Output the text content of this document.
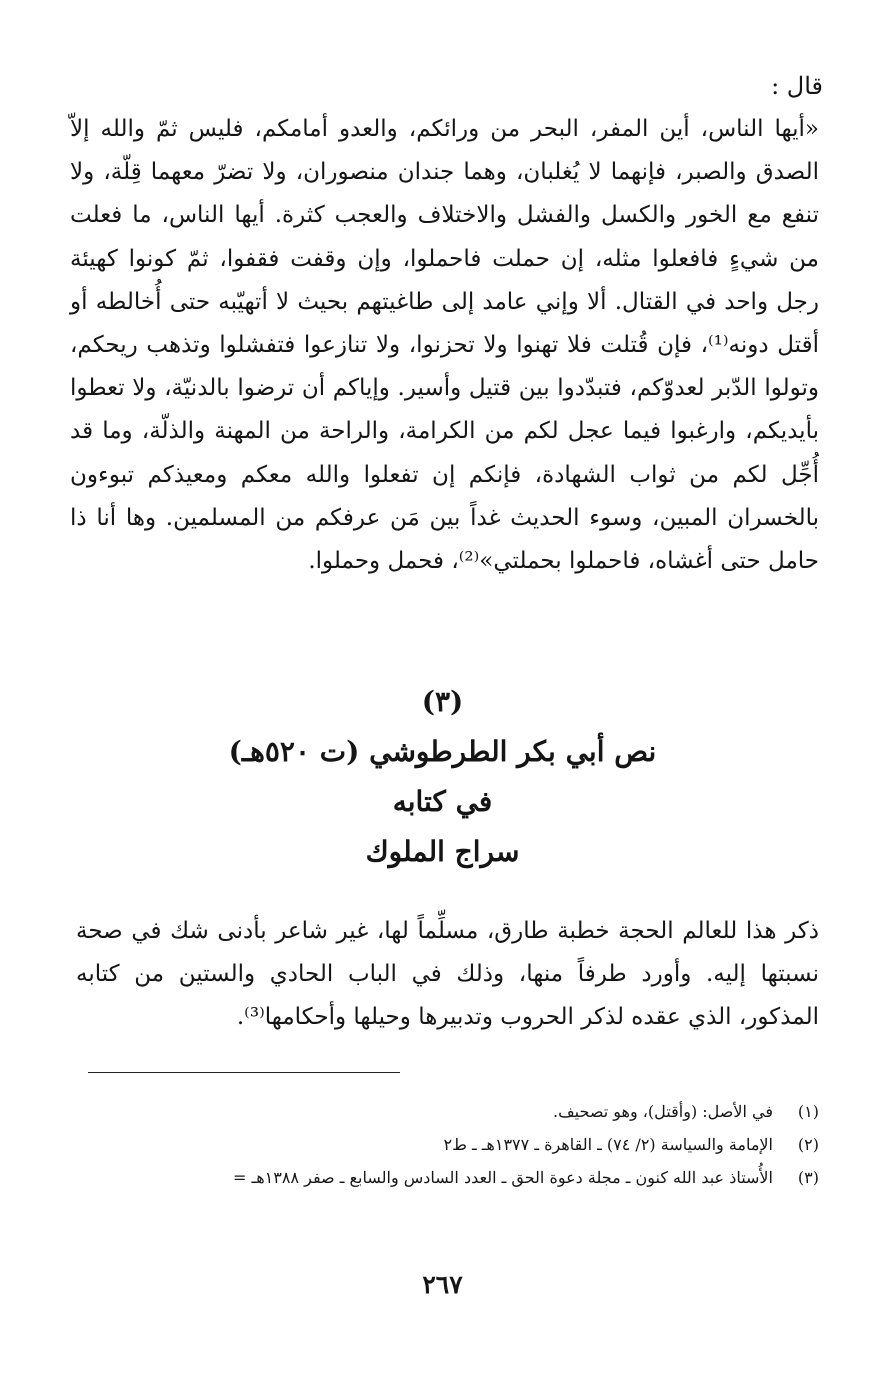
قال :

«أيها الناس، أين المفر، البحر من ورائكم، والعدو أمامكم، فليس ثمّ والله إلاّ الصدق والصبر، فإنهما لا يُغلبان، وهما جندان منصوران، ولا تضرّ معهما قِلّة، ولا تنفع مع الخور والكسل والفشل والاختلاف والعجب كثرة. أيها الناس، ما فعلت من شيءٍ فافعلوا مثله، إن حملت فاحملوا، وإن وقفت فقفوا، ثمّ كونوا كهيئة رجل واحد في القتال. ألا وإني عامد إلى طاغيتهم بحيث لا أتهيّبه حتى أُخالطه أو أقتل دونه⁽¹⁾، فإن قُتلت فلا تهنوا ولا تحزنوا، ولا تنازعوا فتفشلوا وتذهب ريحكم، وتولوا الدّبر لعدوّكم، فتبدّدوا بين قتيل وأسير. وإياكم أن ترضوا بالدنيّة، ولا تعطوا بأيديكم، وارغبوا فيما عجل لكم من الكرامة، والراحة من المهنة والذلّة، وما قد أُجِّل لكم من ثواب الشهادة، فإنكم إن تفعلوا والله معكم ومعيذكم تبوءون بالخسران المبين، وسوء الحديث غداً بين مَن عرفكم من المسلمين. وها أنا ذا حامل حتى أغشاه، فاحملوا بحملتي»⁽²⁾، فحمل وحملوا.

(٣)
نص أبي بكر الطرطوشي (ت ٥٢٠هـ)
في كتابه
سراج الملوك

ذكر هذا للعالم الحجة خطبة طارق، مسلِّماً لها، غير شاعر بأدنى شك في صحة نسبتها إليه. وأورد طرفاً منها، وذلك في الباب الحادي والستين من كتابه المذكور، الذي عقده لذكر الحروب وتدبيرها وحيلها وأحكامها⁽³⁾.

(١)
في الأصل: (وأقتل)، وهو تصحيف.
(٢)
الإمامة والسياسة (٢/ ٧٤) ـ القاهرة ـ ١٣٧٧هـ ـ ط٢
(٣)
الأُستاذ عبد الله كنون ـ مجلة دعوة الحق ـ العدد السادس والسابع ـ صفر ١٣٨٨هـ =
٢٦٧
